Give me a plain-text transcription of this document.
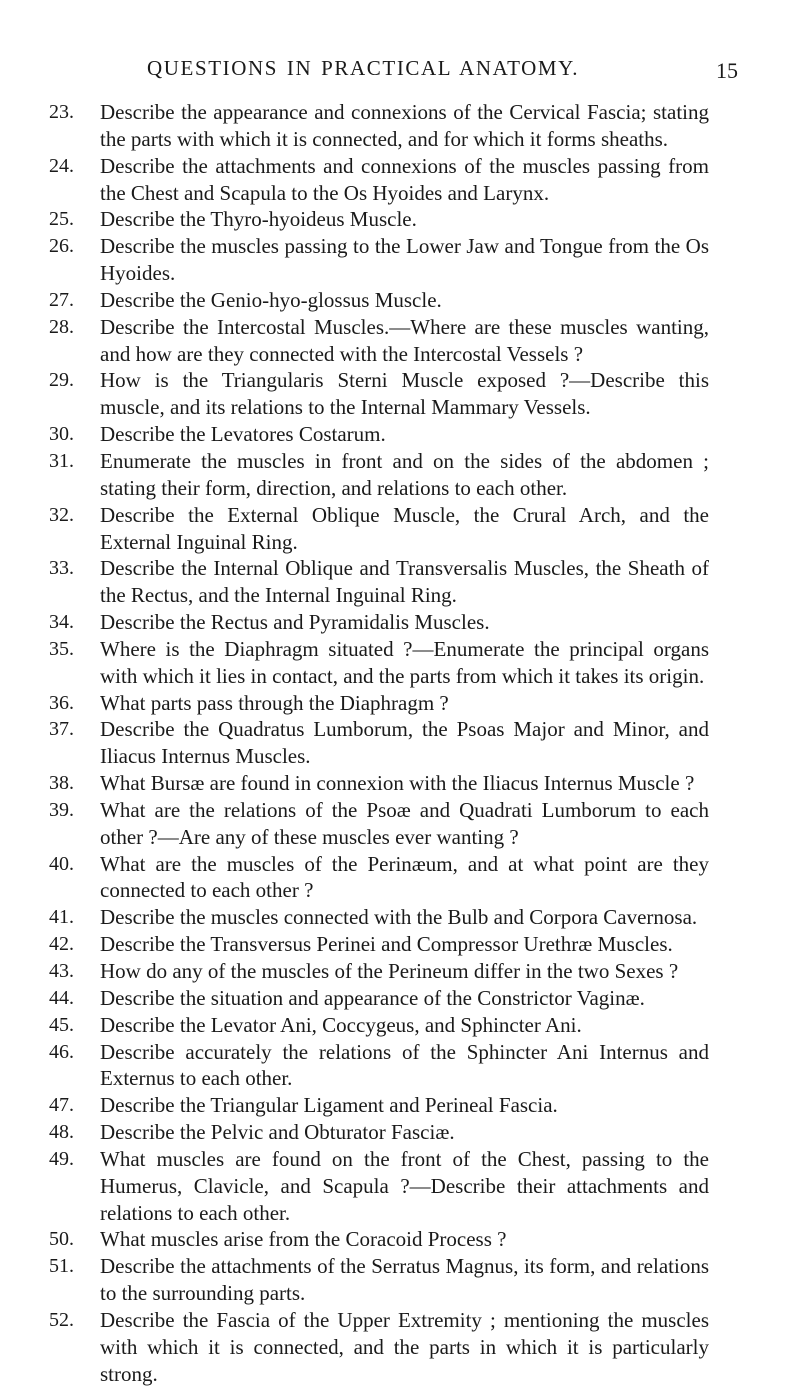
QUESTIONS IN PRACTICAL ANATOMY.	15
23. Describe the appearance and connexions of the Cervical Fascia; stating the parts with which it is connected, and for which it forms sheaths.
24. Describe the attachments and connexions of the muscles passing from the Chest and Scapula to the Os Hyoides and Larynx.
25. Describe the Thyro-hyoideus Muscle.
26. Describe the muscles passing to the Lower Jaw and Tongue from the Os Hyoides.
27. Describe the Genio-hyo-glossus Muscle.
28. Describe the Intercostal Muscles.—Where are these muscles wanting, and how are they connected with the Intercostal Vessels ?
29. How is the Triangularis Sterni Muscle exposed ?—Describe this muscle, and its relations to the Internal Mammary Vessels.
30. Describe the Levatores Costarum.
31. Enumerate the muscles in front and on the sides of the abdomen ; stating their form, direction, and relations to each other.
32. Describe the External Oblique Muscle, the Crural Arch, and the External Inguinal Ring.
33. Describe the Internal Oblique and Transversalis Muscles, the Sheath of the Rectus, and the Internal Inguinal Ring.
34. Describe the Rectus and Pyramidalis Muscles.
35. Where is the Diaphragm situated ?—Enumerate the principal organs with which it lies in contact, and the parts from which it takes its origin.
36. What parts pass through the Diaphragm ?
37. Describe the Quadratus Lumborum, the Psoas Major and Minor, and Iliacus Internus Muscles.
38. What Bursæ are found in connexion with the Iliacus Internus Muscle ?
39. What are the relations of the Psoæ and Quadrati Lumborum to each other ?—Are any of these muscles ever wanting ?
40. What are the muscles of the Perinæum, and at what point are they connected to each other ?
41. Describe the muscles connected with the Bulb and Corpora Cavernosa.
42. Describe the Transversus Perinei and Compressor Urethræ Muscles.
43. How do any of the muscles of the Perineum differ in the two Sexes ?
44. Describe the situation and appearance of the Constrictor Vaginæ.
45. Describe the Levator Ani, Coccygeus, and Sphincter Ani.
46. Describe accurately the relations of the Sphincter Ani Internus and Externus to each other.
47. Describe the Triangular Ligament and Perineal Fascia.
48. Describe the Pelvic and Obturator Fasciæ.
49. What muscles are found on the front of the Chest, passing to the Humerus, Clavicle, and Scapula ?—Describe their attachments and relations to each other.
50. What muscles arise from the Coracoid Process ?
51. Describe the attachments of the Serratus Magnus, its form, and relations to the surrounding parts.
52. Describe the Fascia of the Upper Extremity ; mentioning the muscles with which it is connected, and the parts in which it is particularly strong.
